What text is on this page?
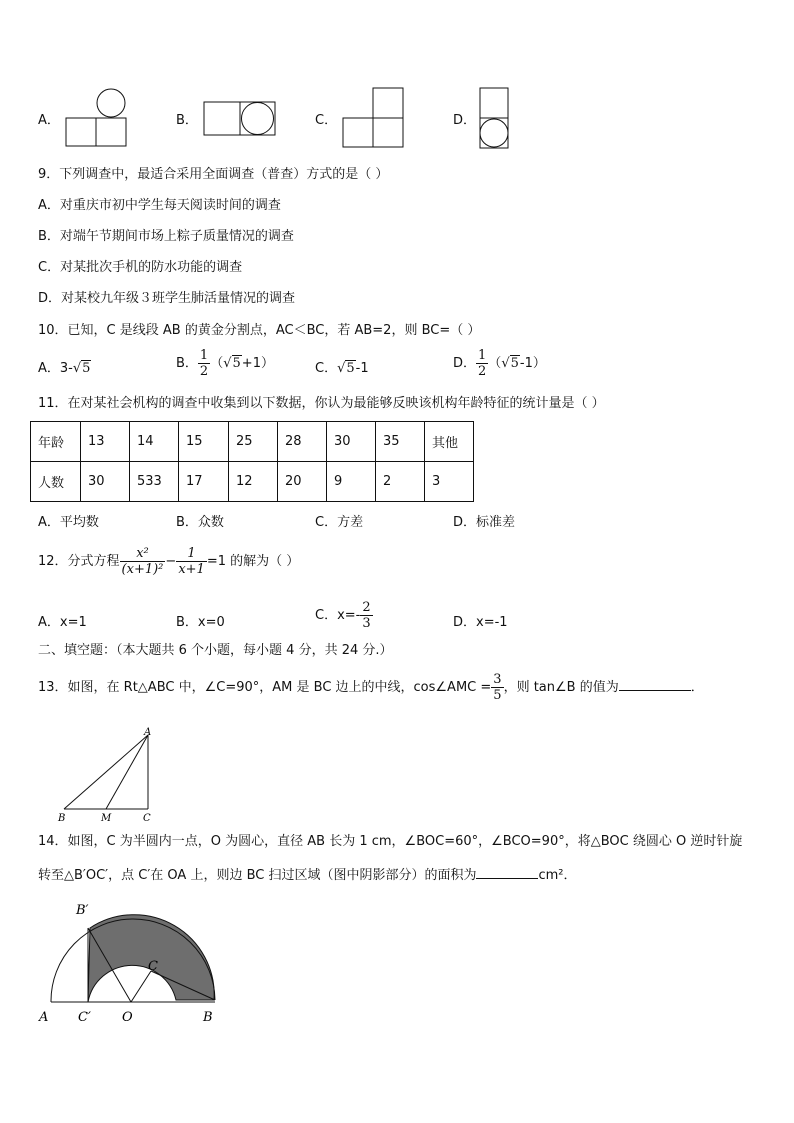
A．	B．	C．	D．
9．下列调查中，最适合采用全面调查（普查）方式的是（ ）
A．对重庆市初中学生每天阅读时间的调查
B．对端午节期间市场上粽子质量情况的调查
C．对某批次手机的防水功能的调查
D．对某校九年级３班学生肺活量情况的调查
10．已知，C 是线段 AB 的黄金分割点，AC＜BC，若 AB=2，则 BC=（ ）
A．3-√5	B． $\frac{1}{2} (√5+1)$	C．√5-1	D． $\frac{1}{2} (√5-1)$
11．在对某社会机构的调查中收集到以下数据，你认为最能够反映该机构年龄特征的统计量是（ ）
年龄	13	14	15	25	28	30	35	其他
人数	30	533	17	12	20	9	2	3
A．平均数	B．众数	C．方差	D．标准差
12．分式方程 $\frac{\text{x²}}{\text{(x+1)²}} - \frac{1}{x+1} =1$ 的解为（ ）
A．x=1	B．x=0	C．$x=- \frac{2}{3}$	D．x=-1
二、填空题：（本大题共 6 个小题，每小题 4 分，共 24 分.）
13．如图，在 Rt△ABC 中，∠C=90°，AM 是 BC 边上的中线，cos∠AMC = $\frac{3}{5}$ ，则 tan∠B 的值为	．
A
B	M	C
14．如图，C 为半圆内一点，O 为圆心，直径 AB 长为 1 cm，∠BOC=60°，∠BCO=90°，将△BOC 绕圆心 O 逆时针旋
转至△B′OC′，点 C′在 OA 上，则边 BC 扫过区域（图中阴影部分）的面积为	cm²．
B′
C
A C′ O	B
